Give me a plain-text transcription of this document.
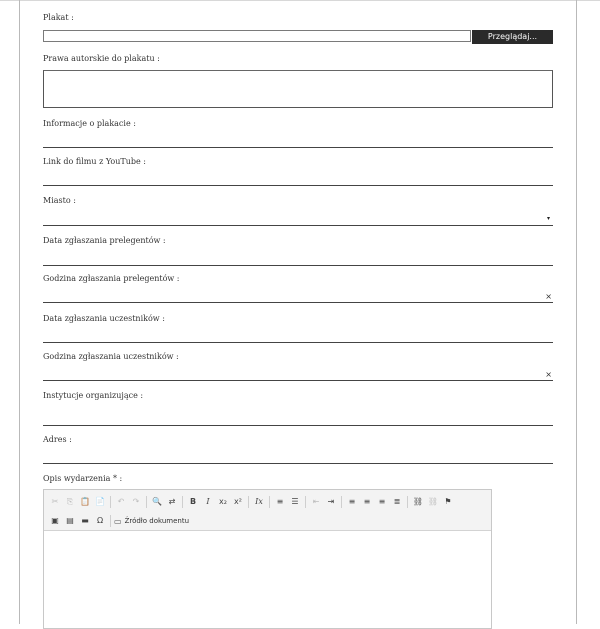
Plakat :
Przeglądaj...
Prawa autorskie do plakatu :
Informacje o plakacie :
Link do filmu z YouTube :
Miasto :
▾
Data zgłaszania prelegentów :
Godzina zgłaszania prelegentów :
×
Data zgłaszania uczestników :
Godzina zgłaszania uczestników :
×
Instytucje organizujące :
Adres :
Opis wydarzenia * :
✂	⎘ 📋 📄	↶	↷	🔍 ⇄	B	I	x₂ x²	Ix	≡	☰	⇤	⇥	≡	≡	≡	≣	⛓ ⛓ ⚑
▣ ▤ ▬	Ω	▭ Źródło dokumentu
